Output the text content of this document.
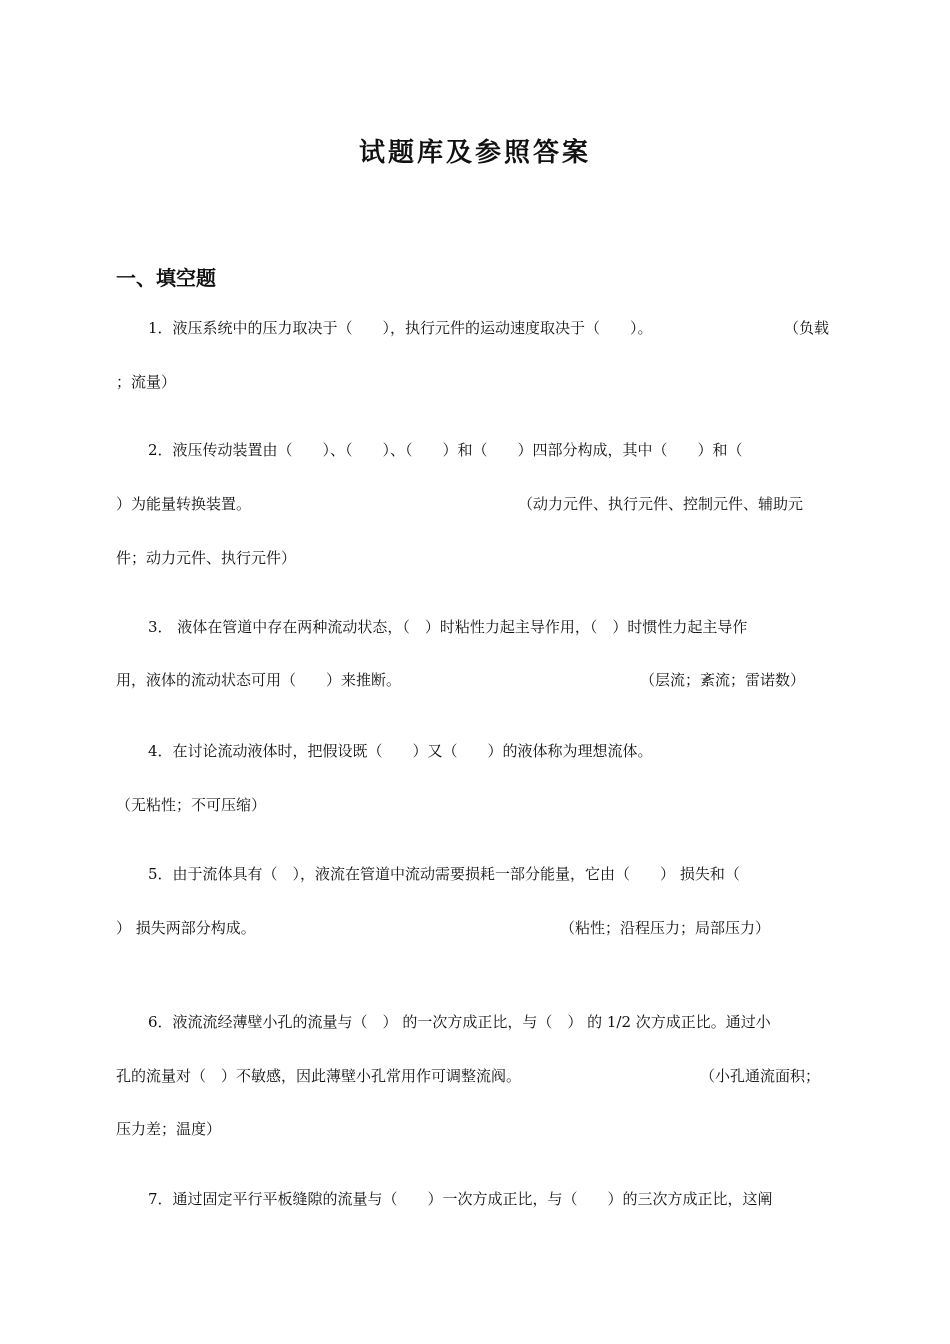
试题库及参照答案
一、填空题
1．液压系统中的压力取决于（　　），执行元件的运动速度取决于（　　）。	（负载
；流量）
2．液压传动装置由（　　）、（　　）、（　　）和（　　）四部分构成，其中（　　）和（
）为能量转换装置。	（动力元件、执行元件、控制元件、辅助元
件；动力元件、执行元件）
3． 液体在管道中存在两种流动状态，（　）时粘性力起主导作用，（　）时惯性力起主导作
用，液体的流动状态可用（　　）来推断。	（层流；紊流；雷诺数）
4．在讨论流动液体时，把假设既（　　）又（　　）的液体称为理想流体。
（无粘性；不可压缩）
5．由于流体具有（　），液流在管道中流动需要损耗一部分能量，它由（　　） 损失和（
） 损失两部分构成。	（粘性；沿程压力；局部压力）
6．液流流经薄壁小孔的流量与（　） 的一次方成正比，与（　） 的 1/2 次方成正比。通过小
孔的流量对（　）不敏感，因此薄壁小孔常用作可调整流阀。	（小孔通流面积；
压力差；温度）
7．通过固定平行平板缝隙的流量与（　　）一次方成正比，与（　　）的三次方成正比，这阐
